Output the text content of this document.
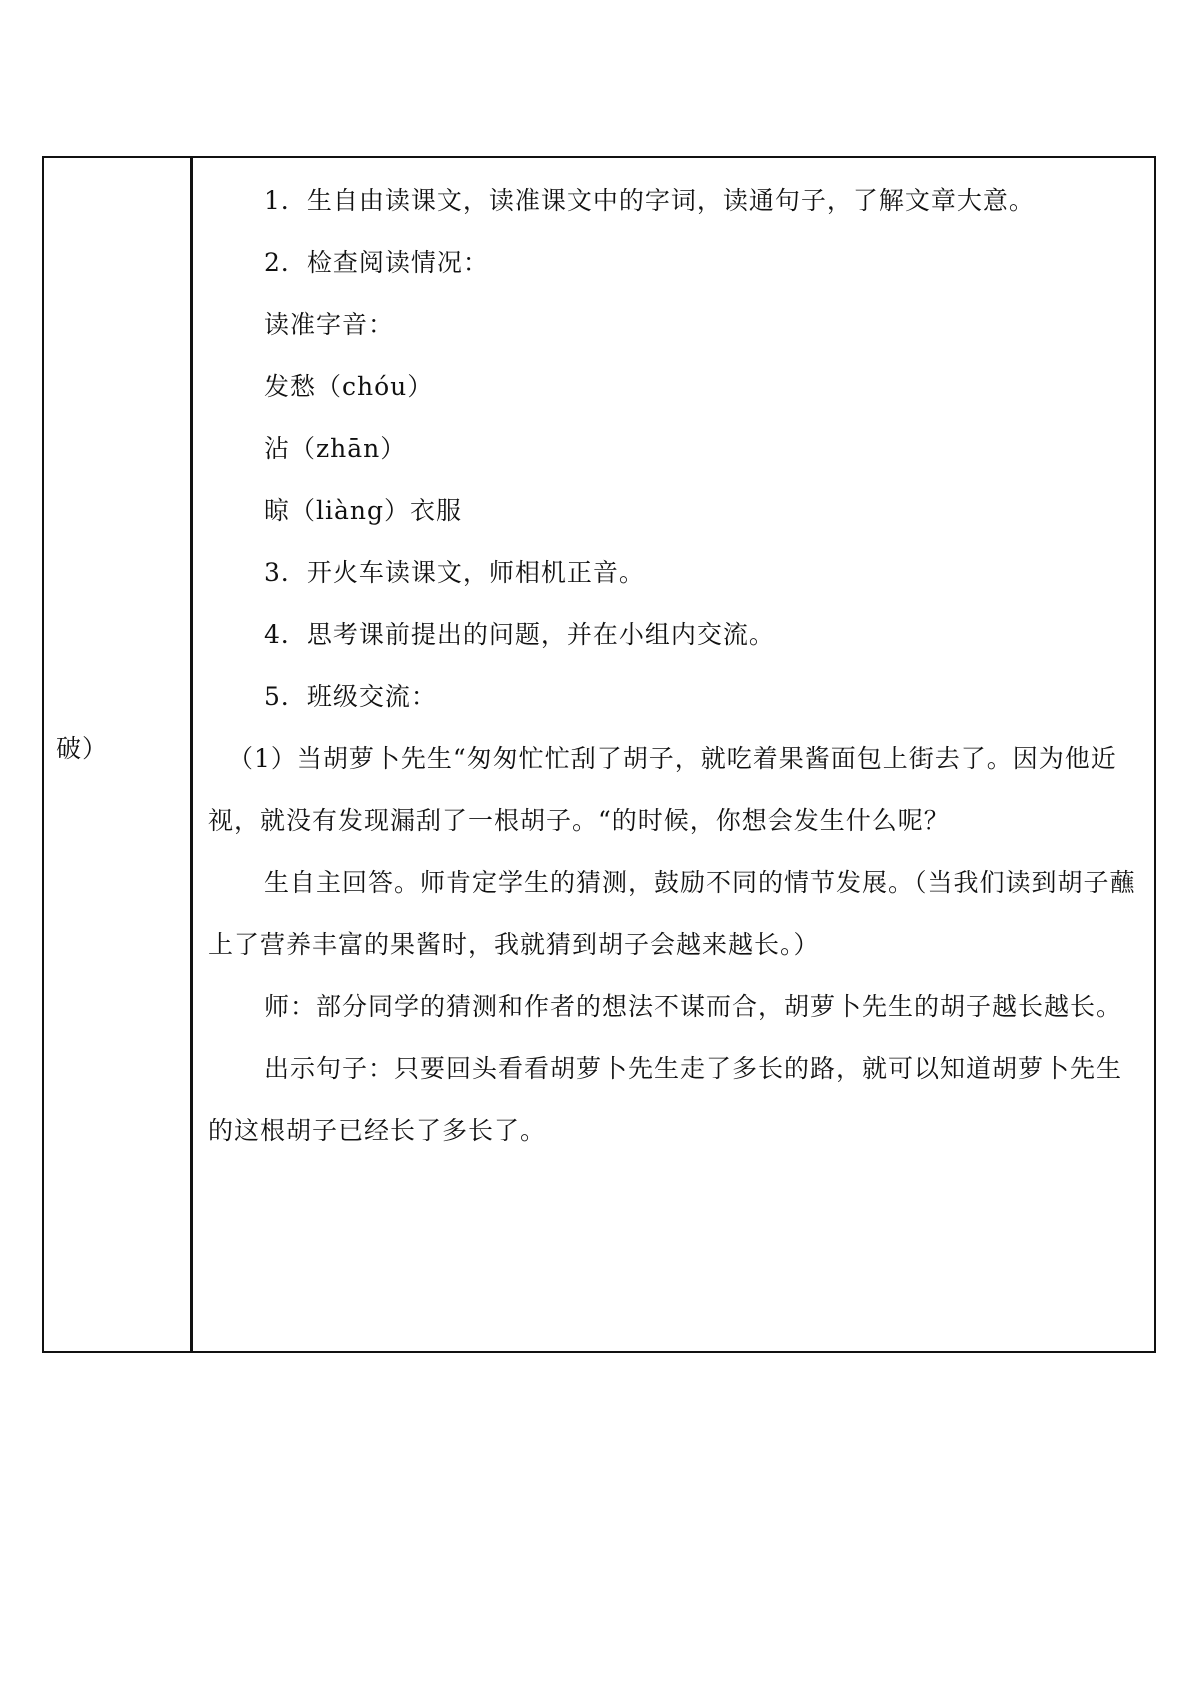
破）

1．生自由读课文，读准课文中的字词，读通句子，了解文章大意。

2．检查阅读情况：

读准字音：

发愁（chóu）

沾（zhān）

晾（liàng）衣服

3．开火车读课文，师相机正音。

4．思考课前提出的问题，并在小组内交流。

5．班级交流：

（1）当胡萝卜先生“匆匆忙忙刮了胡子，就吃着果酱面包上街去了。因为他近视，就没有发现漏刮了一根胡子。“的时候，你想会发生什么呢？

生自主回答。师肯定学生的猜测，鼓励不同的情节发展。（当我们读到胡子蘸上了营养丰富的果酱时，我就猜到胡子会越来越长。）

师：部分同学的猜测和作者的想法不谋而合，胡萝卜先生的胡子越长越长。

出示句子：只要回头看看胡萝卜先生走了多长的路，就可以知道胡萝卜先生的这根胡子已经长了多长了。
